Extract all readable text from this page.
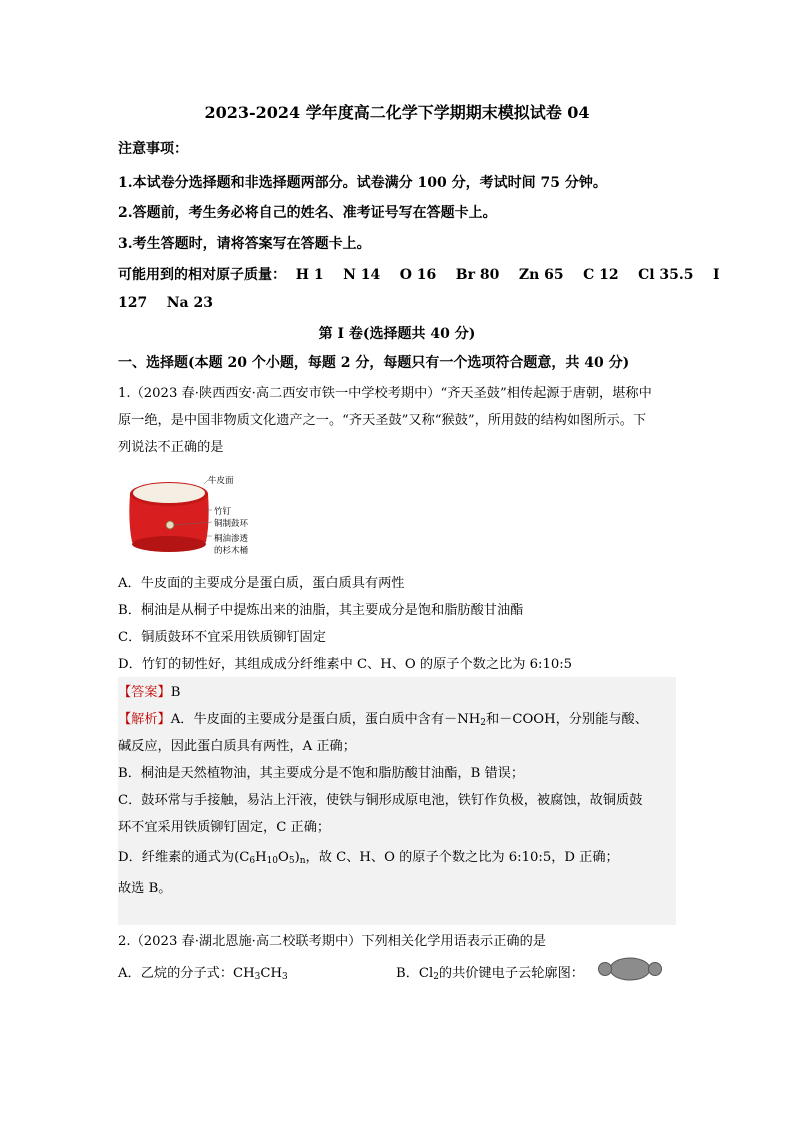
2023-2024 学年度高二化学下学期期末模拟试卷 04
注意事项：
1.本试卷分选择题和非选择题两部分。试卷满分 100 分，考试时间 75 分钟。
2.答题前，考生务必将自己的姓名、准考证号写在答题卡上。
3.考生答题时，请将答案写在答题卡上。
可能用到的相对原子质量：  H 1    N 14    O 16    Br 80    Zn 65    C 12    Cl 35.5    I
127    Na 23
第 I 卷(选择题共 40 分)
一、选择题(本题 20 个小题，每题 2 分，每题只有一个选项符合题意，共 40 分)
1.（2023 春·陕西西安·高二西安市铁一中学校考期中）“齐天圣鼓”相传起源于唐朝，堪称中
原一绝，是中国非物质文化遗产之一。“齐天圣鼓”又称“猴鼓”，所用鼓的结构如图所示。下
列说法不正确的是
牛皮面
竹钉
铜制鼓环
桐油渗透
的杉木桶
A．牛皮面的主要成分是蛋白质，蛋白质具有两性
B．桐油是从桐子中提炼出来的油脂，其主要成分是饱和脂肪酸甘油酯
C．铜质鼓环不宜采用铁质铆钉固定
D．竹钉的韧性好，其组成成分纤维素中 C、H、O 的原子个数之比为 6:10:5
【答案】B
【解析】A．牛皮面的主要成分是蛋白质，蛋白质中含有$-NH_2$和－COOH，分别能与酸、
碱反应，因此蛋白质具有两性，A 正确；
B．桐油是天然植物油，其主要成分是不饱和脂肪酸甘油酯，B 错误；
C．鼓环常与手接触，易沾上汗液，使铁与铜形成原电池，铁钉作负极，被腐蚀，故铜质鼓
环不宜采用铁质铆钉固定，C 正确；
D．纤维素的通式为$(C_6H_{10}O_5)_n$，故 C、H、O 的原子个数之比为 6:10:5，D 正确；
故选 B。
2.（2023 春·湖北恩施·高二校联考期中）下列相关化学用语表示正确的是
A．乙烷的分子式：$CH_3CH_3$	B．$Cl_2$的共价键电子云轮廓图：
